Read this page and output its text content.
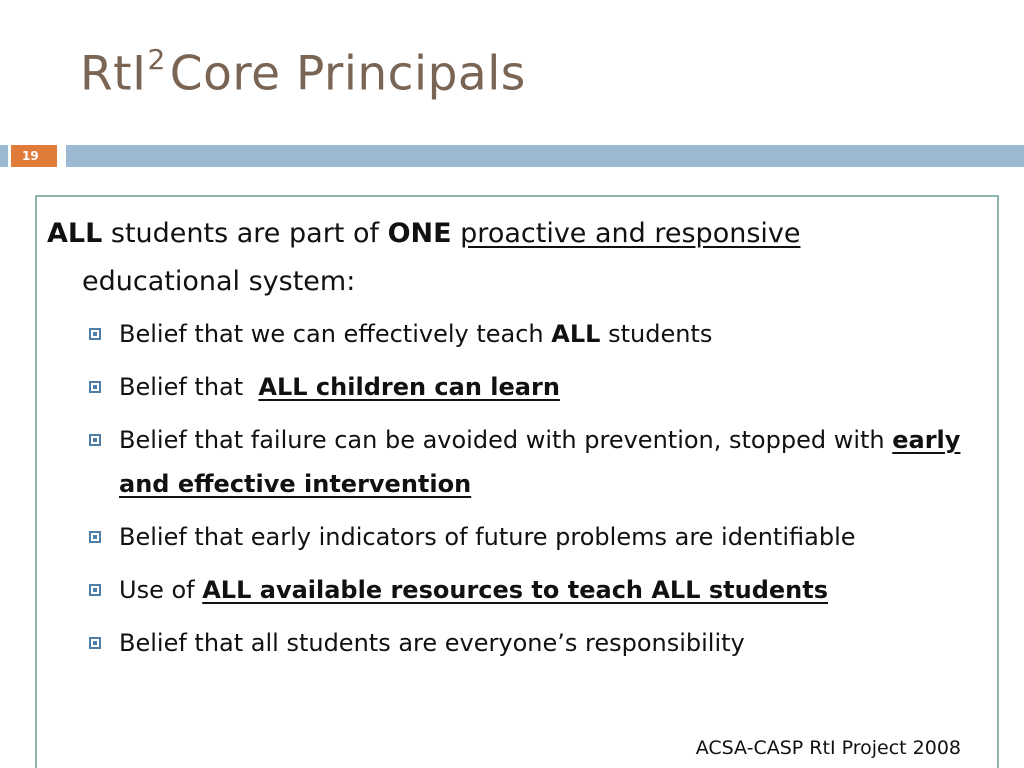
RtI$^2$Core Principals
19
ALL students are part of ONE proactive and responsive
educational system:
Belief that we can effectively teach ALL students
Belief that  ALL children can learn
Belief that failure can be avoided with prevention, stopped with early and effective intervention
Belief that early indicators of future problems are identifiable
Use of ALL available resources to teach ALL students
Belief that all students are everyone’s responsibility
ACSA-CASP RtI Project 2008
